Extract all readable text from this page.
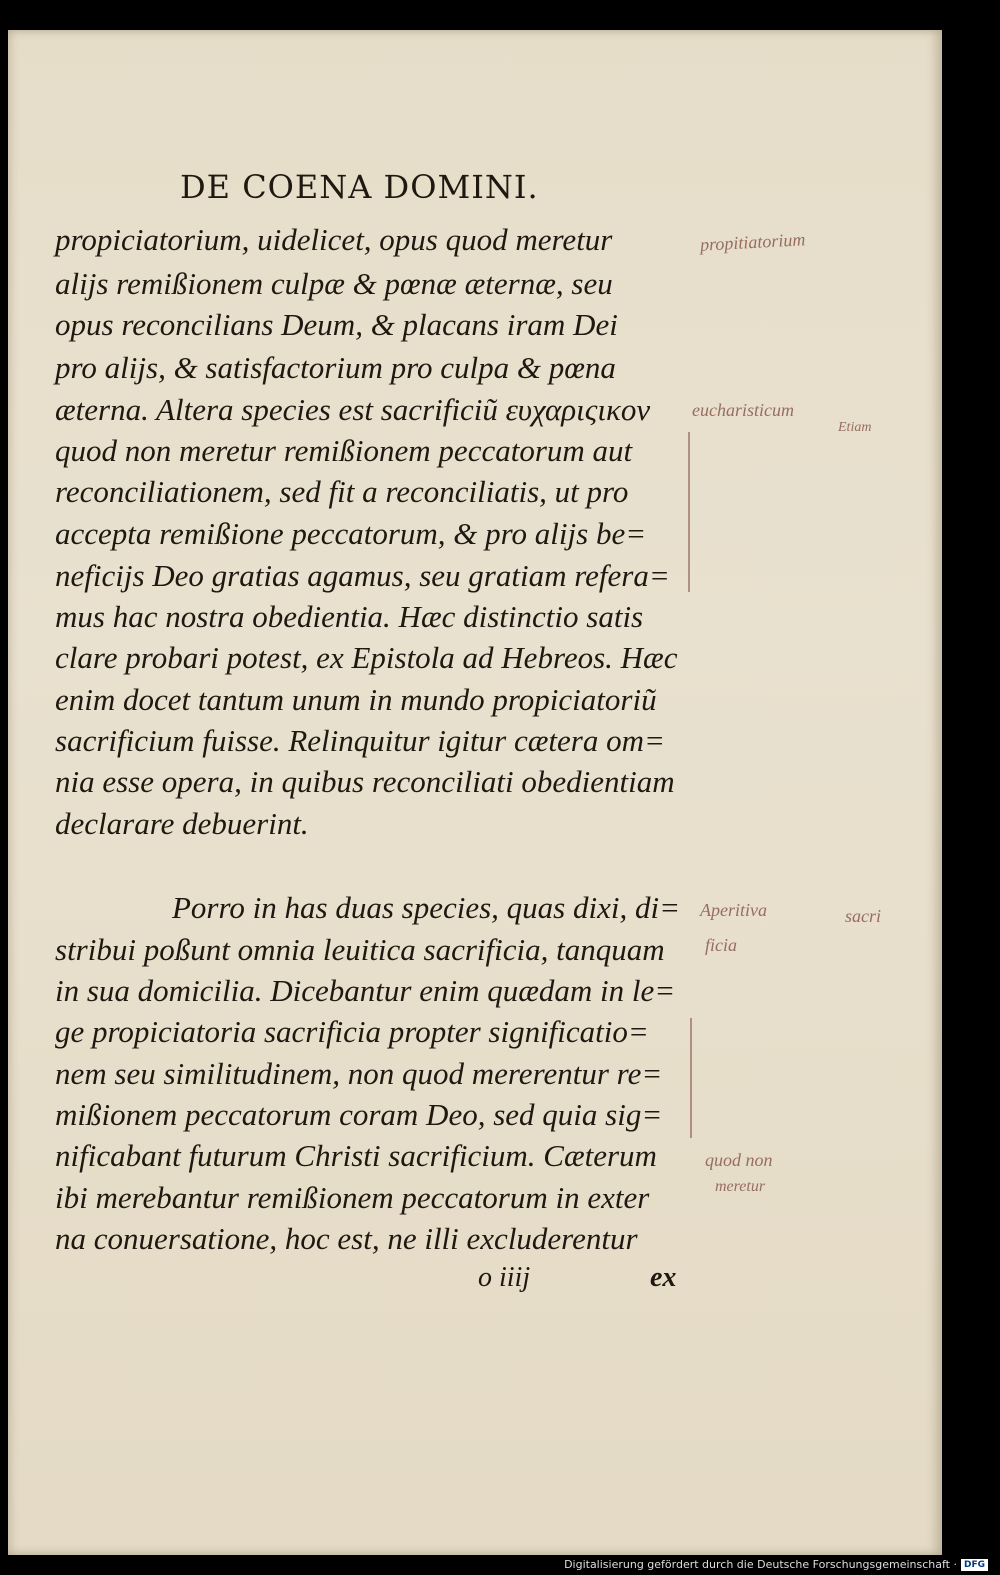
DE COENA DOMINI.
propiciatorium, uidelicet, opus quod meretur
alijs remißionem culpæ & pœnæ æternæ, seu
opus reconcilians Deum, & placans iram Dei
pro alijs, & satisfactorium pro culpa & pœna
æterna. Altera species est sacrificiũ ευχαριςικον
quod non meretur remißionem peccatorum aut
reconciliationem, sed fit a reconciliatis, ut pro
accepta remißione peccatorum, & pro alijs be=
neficijs Deo gratias agamus, seu gratiam refera=
mus hac nostra obedientia. Hæc distinctio satis
clare probari potest, ex Epistola ad Hebreos. Hæc
enim docet tantum unum in mundo propiciatoriũ
sacrificium fuisse. Relinquitur igitur cætera om=
nia esse opera, in quibus reconciliati obedientiam
declarare debuerint.
Porro in has duas species, quas dixi, di=
stribui poßunt omnia leuitica sacrificia, tanquam
in sua domicilia. Dicebantur enim quædam in le=
ge propiciatoria sacrificia propter significatio=
nem seu similitudinem, non quod mererentur re=
mißionem peccatorum coram Deo, sed quia sig=
nificabant futurum Christi sacrificium. Cæterum
ibi merebantur remißionem peccatorum in exter
na conuersatione, hoc est, ne illi excluderentur
o iiij	ex
propitiatorium
eucharisticum
Etiam
Aperitiva	sacri
ficia
quod non
meretur
Digitalisierung gefördert durch die Deutsche Forschungsgemeinschaft · DFG
